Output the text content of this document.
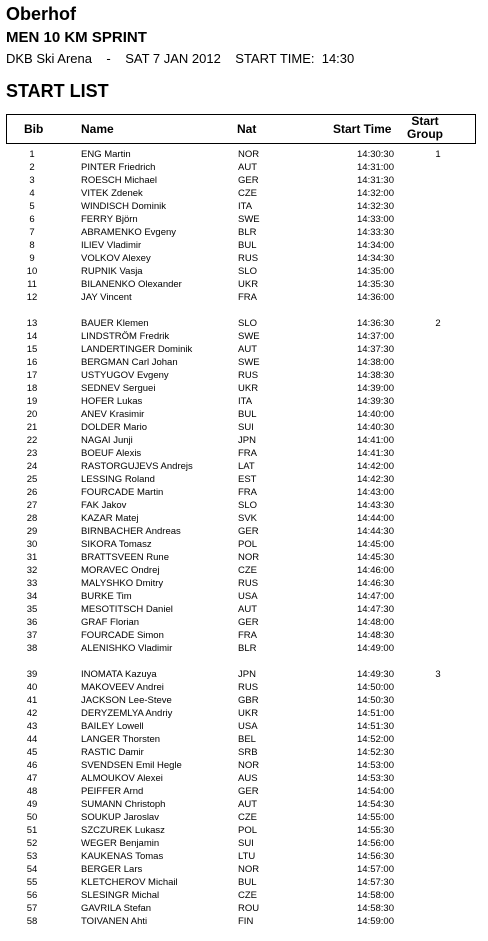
Oberhof
MEN 10 KM SPRINT
DKB Ski Arena    -    SAT 7 JAN 2012    START TIME:  14:30
START LIST
Bib	Name	Nat	Start Time
Start
Group
1	ENG Martin	NOR	14:30:30	1
2	PINTER Friedrich	AUT	14:31:00
3	ROESCH Michael	GER	14:31:30
4	VITEK Zdenek	CZE	14:32:00
5	WINDISCH Dominik	ITA	14:32:30
6	FERRY Björn	SWE	14:33:00
7	ABRAMENKO Evgeny	BLR	14:33:30
8	ILIEV Vladimir	BUL	14:34:00
9	VOLKOV Alexey	RUS	14:34:30
10	RUPNIK Vasja	SLO	14:35:00
11	BILANENKO Olexander	UKR	14:35:30
12	JAY Vincent	FRA	14:36:00
13	BAUER Klemen	SLO	14:36:30	2
14	LINDSTRÖM Fredrik	SWE	14:37:00
15	LANDERTINGER Dominik	AUT	14:37:30
16	BERGMAN Carl Johan	SWE	14:38:00
17	USTYUGOV Evgeny	RUS	14:38:30
18	SEDNEV Serguei	UKR	14:39:00
19	HOFER Lukas	ITA	14:39:30
20	ANEV Krasimir	BUL	14:40:00
21	DOLDER Mario	SUI	14:40:30
22	NAGAI Junji	JPN	14:41:00
23	BOEUF Alexis	FRA	14:41:30
24	RASTORGUJEVS Andrejs	LAT	14:42:00
25	LESSING Roland	EST	14:42:30
26	FOURCADE Martin	FRA	14:43:00
27	FAK Jakov	SLO	14:43:30
28	KAZAR Matej	SVK	14:44:00
29	BIRNBACHER Andreas	GER	14:44:30
30	SIKORA Tomasz	POL	14:45:00
31	BRATTSVEEN Rune	NOR	14:45:30
32	MORAVEC Ondrej	CZE	14:46:00
33	MALYSHKO Dmitry	RUS	14:46:30
34	BURKE Tim	USA	14:47:00
35	MESOTITSCH Daniel	AUT	14:47:30
36	GRAF Florian	GER	14:48:00
37	FOURCADE Simon	FRA	14:48:30
38	ALENISHKO Vladimir	BLR	14:49:00
39	INOMATA Kazuya	JPN	14:49:30	3
40	MAKOVEEV Andrei	RUS	14:50:00
41	JACKSON Lee-Steve	GBR	14:50:30
42	DERYZEMLYA Andriy	UKR	14:51:00
43	BAILEY Lowell	USA	14:51:30
44	LANGER Thorsten	BEL	14:52:00
45	RASTIC Damir	SRB	14:52:30
46	SVENDSEN Emil Hegle	NOR	14:53:00
47	ALMOUKOV Alexei	AUS	14:53:30
48	PEIFFER Arnd	GER	14:54:00
49	SUMANN Christoph	AUT	14:54:30
50	SOUKUP Jaroslav	CZE	14:55:00
51	SZCZUREK Lukasz	POL	14:55:30
52	WEGER Benjamin	SUI	14:56:00
53	KAUKENAS Tomas	LTU	14:56:30
54	BERGER Lars	NOR	14:57:00
55	KLETCHEROV Michail	BUL	14:57:30
56	SLESINGR Michal	CZE	14:58:00
57	GAVRILA Stefan	ROU	14:58:30
58	TOIVANEN Ahti	FIN	14:59:00
